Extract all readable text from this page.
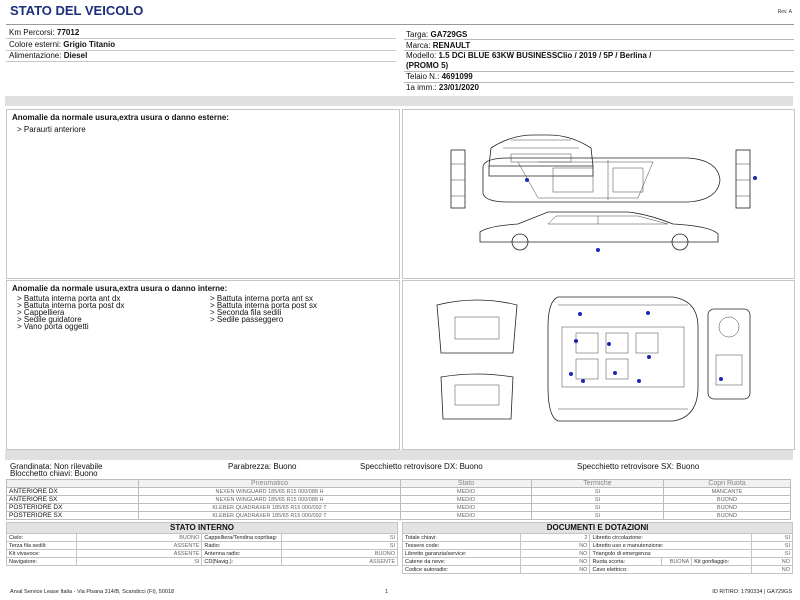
STATO DEL VEICOLO	Rev. A
Km Percorsi: 77012
Colore esterni: Grigio Titanio
Alimentazione: Diesel
Targa: GA729GS
Marca: RENAULT
Modello: 1.5 DCi BLUE 63KW BUSINESSClio / 2019 / 5P / Berlina /
(PROMO 5)
Telaio N.: 4691099
1a imm.: 23/01/2020
Anomalie da normale usura,extra usura o danno esterne:
> Paraurti anteriore
Anomalie da normale usura,extra usura o danno interne:
> Battuta interna porta ant dx
> Battuta interna porta post dx
> Cappelliera
> Sedile guidatore
> Vano porta oggetti
> Battuta interna porta ant sx
> Battuta interna porta post sx
> Seconda fila sedili
> Sedile passeggero
Grandinata: Non rilevabile	Parabrezza: Buono	Specchietto retrovisore DX: Buono	Specchietto retrovisore SX: Buono
Blocchetto chiavi: Buono
	Pneumatico	Stato	Termiche	Copri Ruota
ANTERIORE DX	NEXEN WINGUARD 185/65 R15 000/088 H	MEDIO	SI	MANCANTE
ANTERIORE SX	NEXEN WINGUARD 185/65 R15 000/088 H	MEDIO	SI	BUONO
POSTERIORE DX	KLEBER QUADRAXER 185/65 R15 000/092 T	MEDIO	SI	BUONO
POSTERIORE SX	KLEBER QUADRAXER 185/65 R15 000/092 T	MEDIO	SI	BUONO
STATO INTERNO
Cielo:	BUONO	Cappelliera/Tendina copribag:	SI
Terza fila sedili:	ASSENTE	Radio:	SI
Kit vivavoce:	ASSENTE	Antenna radio:	BUONO
Navigatore:	SI	CD(Navig.):	ASSENTE
DOCUMENTI E DOTAZIONI
Totale chiavi:	2	Libretto circolazione:			SI
Tessere code:	NO	Libretto uso e manutenzione:			SI
Libretto garanzia/service:	NO	Triangolo di emergenza:			SI
Catene da neve:	NO	Ruota scorta:	BUONA	Kit gonfiaggio:	NO
Codice autoradio:	NO	Cavo elettrico:			NO
Arval Service Lease Italia - Via Pisana 314/B, Scandicci (FI), 50018	1	ID RITIRO: 1790334 | GA729GS
